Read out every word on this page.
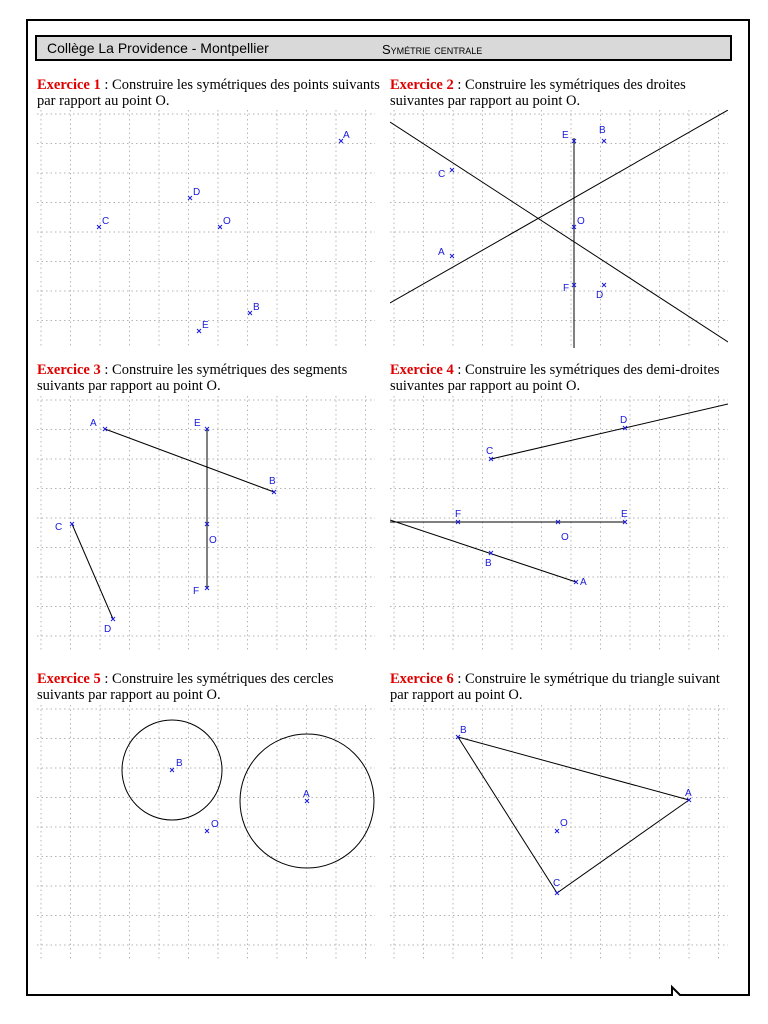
Collège La Providence - Montpellier	Symétrie centrale
Exercice 1 : Construire les symétriques des points suivants par rapport au point O.
A
D
C	O
B
E
Exercice 2 : Construire les symétriques des droites suivantes par rapport au point O.
E	B
C
O
A
F
D
Exercice 3 : Construire les symétriques des segments suivants par rapport au point O.
A	E
B
C
O
F
D
Exercice 4 : Construire les symétriques des demi-droites suivantes par rapport au point O.
D
C
F	E
O
B
A
Exercice 5 : Construire les symétriques des cercles suivants par rapport au point O.
B
A
O
Exercice 6 : Construire le symétrique du triangle suivant par rapport au point O.
B
A
O
C
